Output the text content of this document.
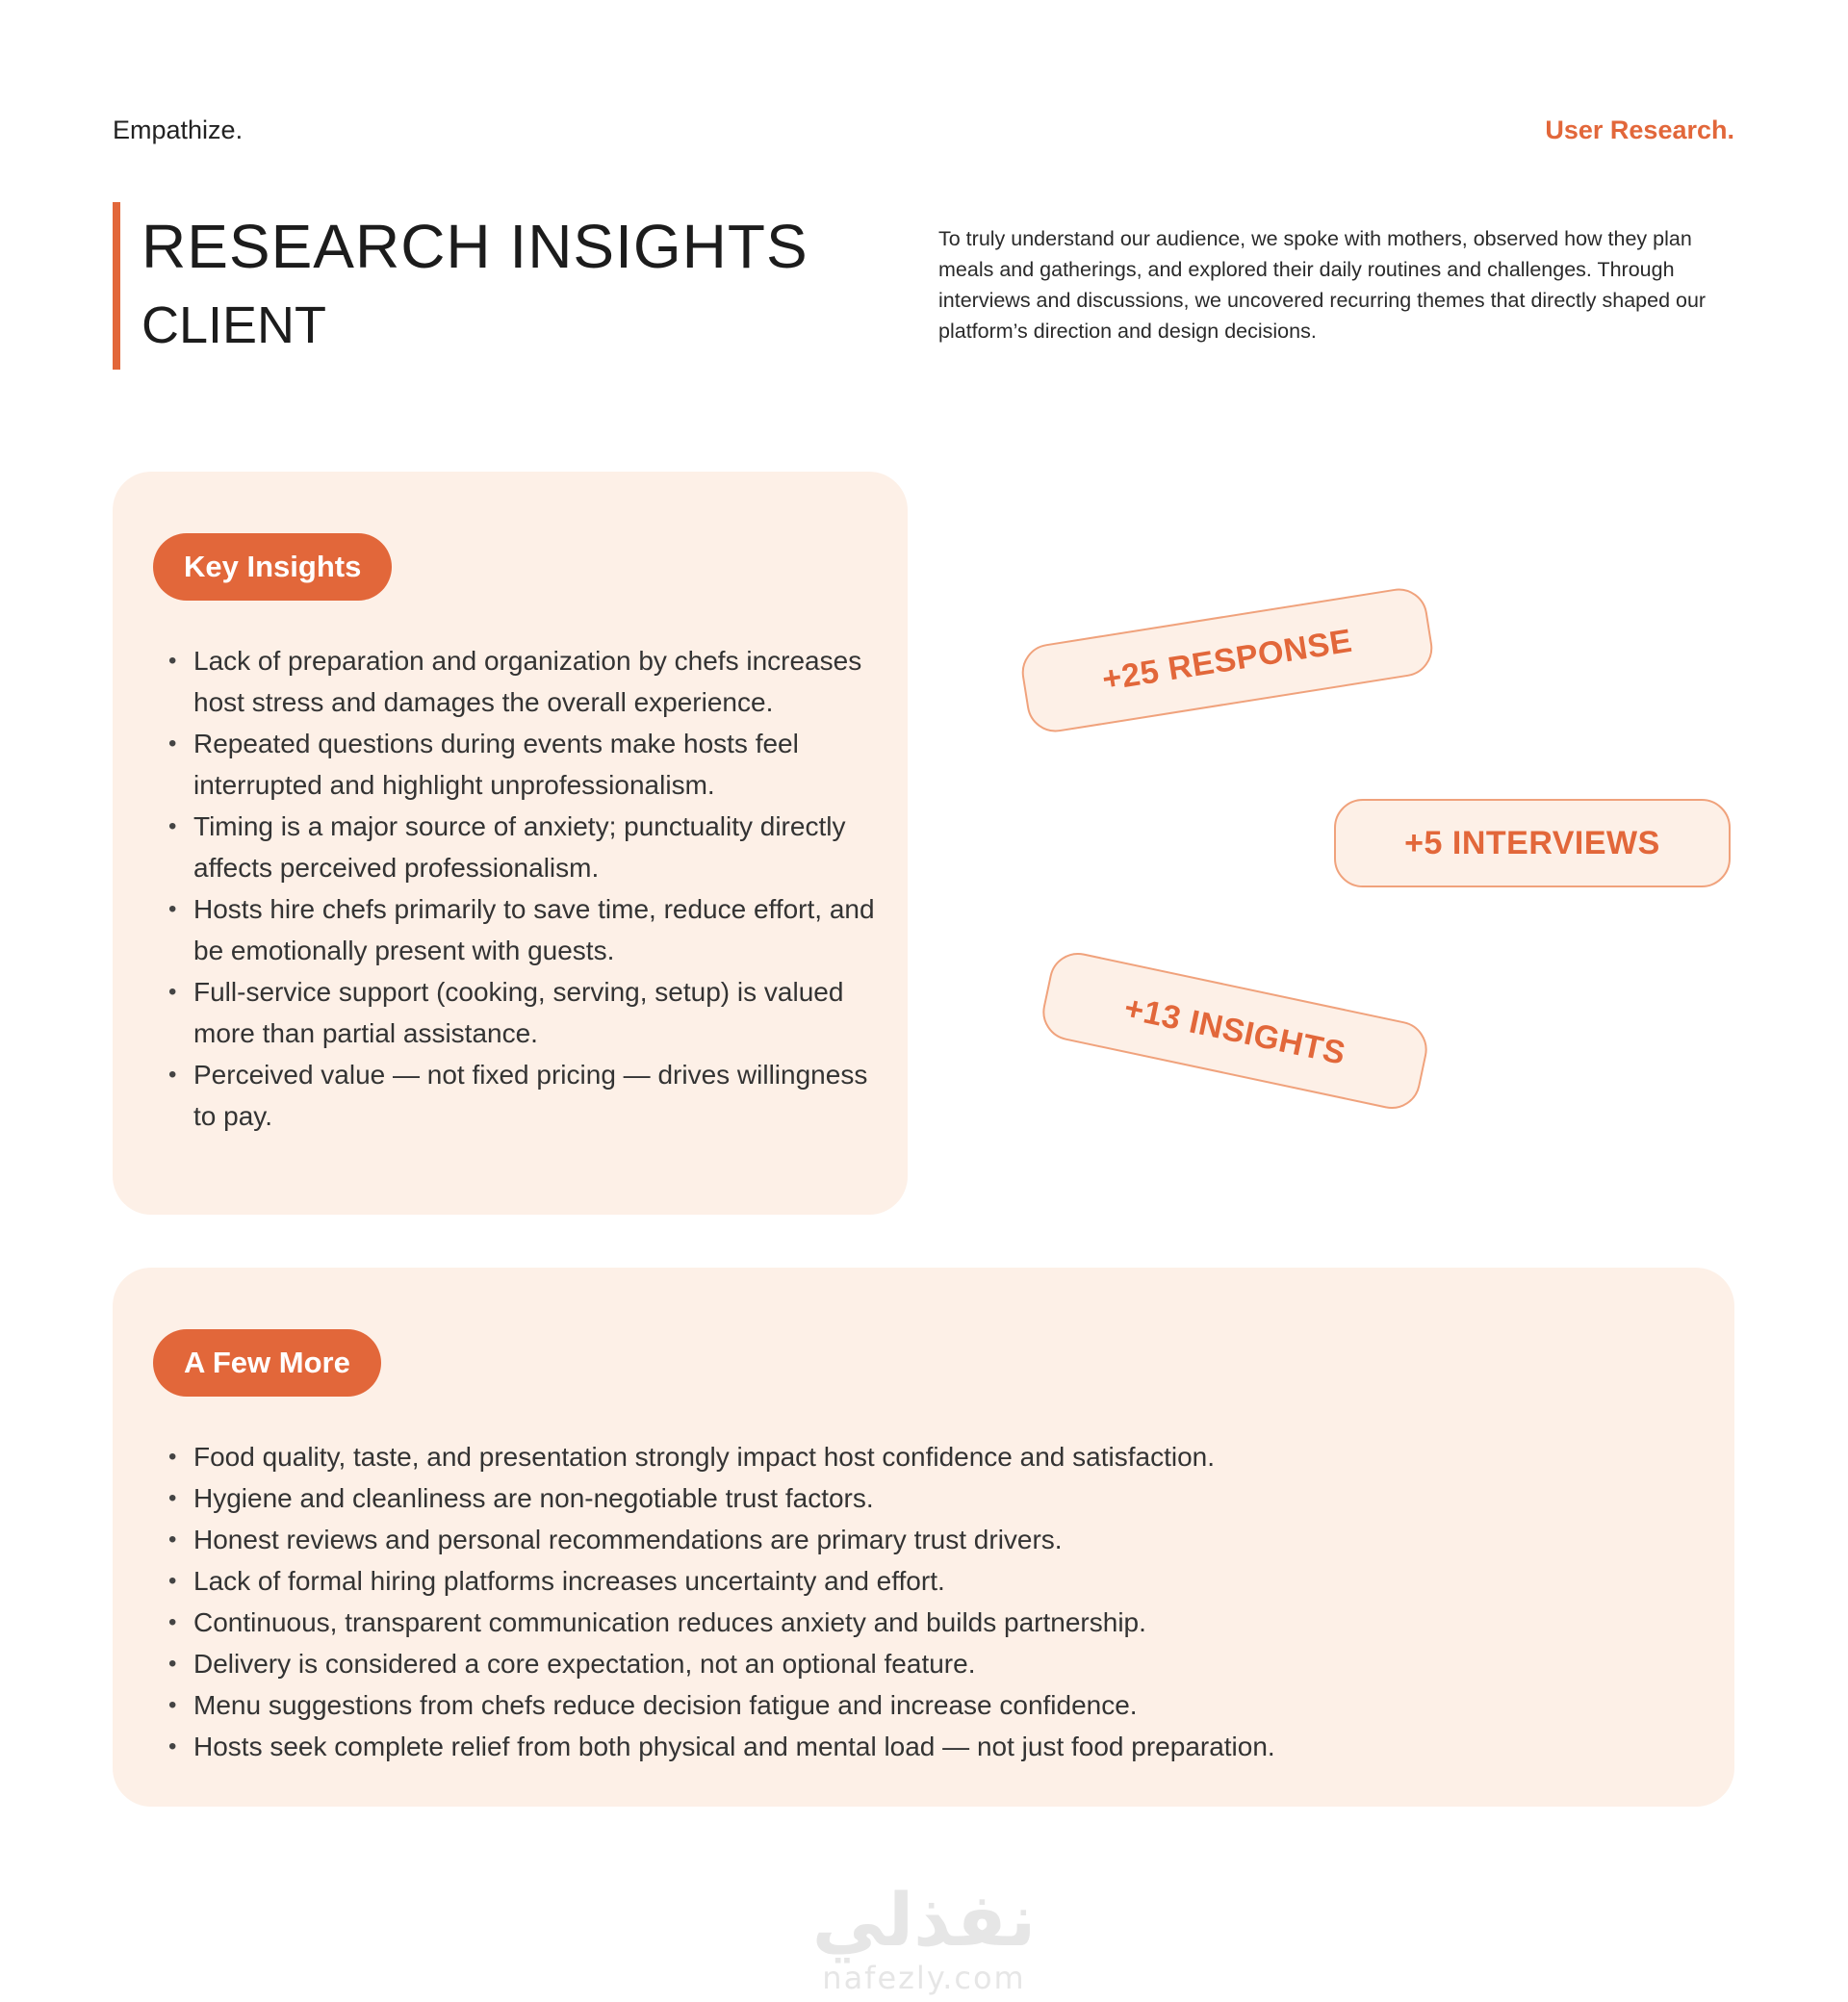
Empathize.	User Research.
RESEARCH INSIGHTS
CLIENT

To truly understand our audience, we spoke with mothers, observed how they plan meals and gatherings, and explored their daily routines and challenges. Through interviews and discussions, we uncovered recurring themes that directly shaped our platform’s direction and design decisions.

Key Insights
• Lack of preparation and organization by chefs increases host stress and damages the overall experience.
• Repeated questions during events make hosts feel interrupted and highlight unprofessionalism.
• Timing is a major source of anxiety; punctuality directly affects perceived professionalism.
• Hosts hire chefs primarily to save time, reduce effort, and be emotionally present with guests.
• Full-service support (cooking, serving, setup) is valued more than partial assistance.
• Perceived value — not fixed pricing — drives willingness to pay.
+25 RESPONSE
+5 INTERVIEWS
+13 INSIGHTS
A Few More
• Food quality, taste, and presentation strongly impact host confidence and satisfaction.
• Hygiene and cleanliness are non-negotiable trust factors.
• Honest reviews and personal recommendations are primary trust drivers.
• Lack of formal hiring platforms increases uncertainty and effort.
• Continuous, transparent communication reduces anxiety and builds partnership.
• Delivery is considered a core expectation, not an optional feature.
• Menu suggestions from chefs reduce decision fatigue and increase confidence.
• Hosts seek complete relief from both physical and mental load — not just food preparation.
نفذلي
nafezly.com
